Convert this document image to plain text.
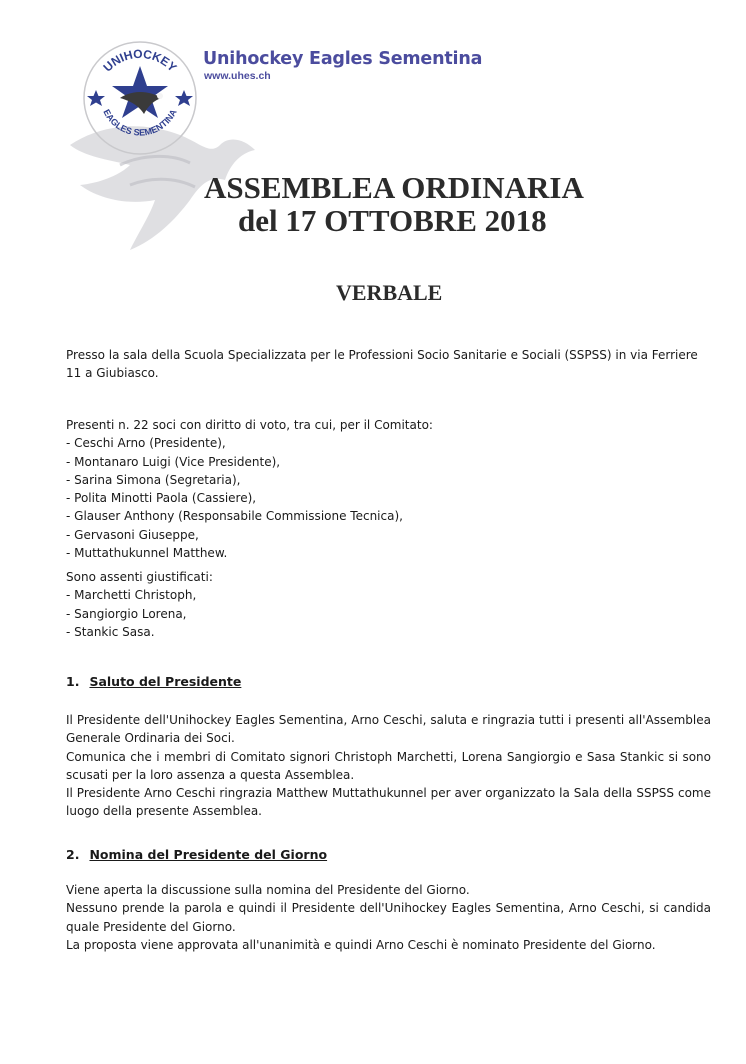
UNIHOCKEY
EAGLES SEMENTINA
Unihockey Eagles Sementina
www.uhes.ch
ASSEMBLEA ORDINARIA
del 17 OTTOBRE 2018
VERBALE

Presso la sala della Scuola Specializzata per le Professioni Socio Sanitarie e Sociali (SSPSS) in via Ferriere 11 a Giubiasco.

Presenti n. 22 soci con diritto di voto, tra cui, per il Comitato:

- Ceschi Arno (Presidente),
- Montanaro Luigi (Vice Presidente),
- Sarina Simona (Segretaria),
- Polita Minotti Paola (Cassiere),
- Glauser Anthony (Responsabile Commissione Tecnica),
- Gervasoni Giuseppe,
- Muttathukunnel Matthew.

Sono assenti giustificati:

- Marchetti Christoph,
- Sangiorgio Lorena,
- Stankic Sasa.
1. Saluto del Presidente

Il Presidente dell'Unihockey Eagles Sementina, Arno Ceschi, saluta e ringrazia tutti i presenti all'Assemblea Generale Ordinaria dei Soci.

Comunica che i membri di Comitato signori Christoph Marchetti, Lorena Sangiorgio e Sasa Stankic si sono scusati per la loro assenza a questa Assemblea.

Il Presidente Arno Ceschi ringrazia Matthew Muttathukunnel per aver organizzato la Sala della SSPSS come luogo della presente Assemblea.

2. Nomina del Presidente del Giorno

Viene aperta la discussione sulla nomina del Presidente del Giorno.

Nessuno prende la parola e quindi il Presidente dell'Unihockey Eagles Sementina, Arno Ceschi, si candida quale Presidente del Giorno.

La proposta viene approvata all'unanimità e quindi Arno Ceschi è nominato Presidente del Giorno.
